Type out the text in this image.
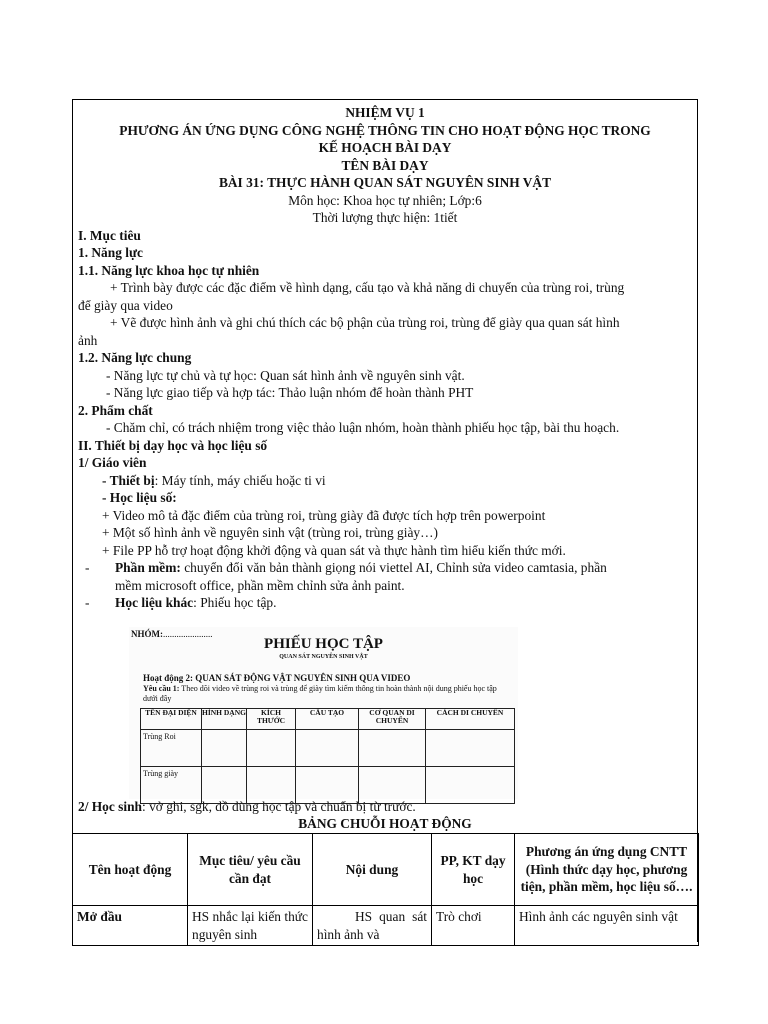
NHIỆM VỤ 1
PHƯƠNG ÁN ỨNG DỤNG CÔNG NGHỆ THÔNG TIN CHO HOẠT ĐỘNG HỌC TRONG
KẾ HOẠCH BÀI DẠY
TÊN BÀI DẠY
BÀI 31: THỰC HÀNH QUAN SÁT NGUYÊN SINH VẬT
Môn học: Khoa học tự nhiên; Lớp:6
Thời lượng thực hiện: 1tiết
I. Mục tiêu
1. Năng lực
1.1. Năng lực khoa học tự nhiên
+ Trình bày được các đặc điểm về hình dạng, cấu tạo và khả năng di chuyển của trùng roi, trùng
để giày qua video
+ Vẽ được hình ảnh và ghi chú thích các bộ phận của trùng roi, trùng để giày qua quan sát hình
ảnh
1.2. Năng lực chung
- Năng lực tự chủ và tự học: Quan sát hình ảnh về nguyên sinh vật.
- Năng lực giao tiếp và hợp tác: Thảo luận nhóm để hoàn thành PHT
2. Phẩm chất
- Chăm chỉ, có trách nhiệm trong việc thảo luận nhóm, hoàn thành phiếu học tập, bài thu hoạch.
II. Thiết bị dạy học và học liệu số
1/ Giáo viên
- Thiết bị: Máy tính, máy chiếu hoặc ti vi
- Học liệu số:
+ Video mô tả đặc điểm của trùng roi, trùng giày đã được tích hợp trên powerpoint
+ Một số hình ảnh về nguyên sinh vật (trùng roi, trùng giày…)
+ File PP hỗ trợ hoạt động khởi động và quan sát và thực hành tìm hiểu kiến thức mới.
-	Phần mềm: chuyển đổi văn bản thành giọng nói viettel AI, Chỉnh sửa video camtasia, phần
mềm microsoft office, phần mềm chỉnh sửa ảnh paint.
-	Học liệu khác: Phiếu học tập.
2/ Học sinh: vở ghi, sgk, đồ dùng học tập và chuẩn bị từ trước.
BẢNG CHUỖI HOẠT ĐỘNG
NHÓM:......................
PHIẾU HỌC TẬP
QUAN SÁT NGUYÊN SINH VẬT
Hoạt động 2: QUAN SÁT ĐỘNG VẬT NGUYÊN SINH QUA VIDEO
Yêu cầu 1: Theo dõi video về trùng roi và trùng để giày tìm kiếm thông tin hoàn thành nội dung phiếu học tập dưới đây
TÊN ĐẠI DIỆN	HÌNH DẠNG	KÍCH THƯỚC	CẤU TẠO	CƠ QUAN DI CHUYỂN	CÁCH DI CHUYỂN
Trùng Roi					
Trùng giày					
Tên hoạt động	Mục tiêu/ yêu cầu cần đạt	Nội dung	PP, KT dạy học	Phương án ứng dụng CNTT (Hình thức dạy học, phương tiện, phần mềm, học liệu số….
Mở đầu	HS nhắc lại kiến thức nguyên sinh	HS quan sát hình ảnh và	Trò chơi	Hình ảnh các nguyên sinh vật
